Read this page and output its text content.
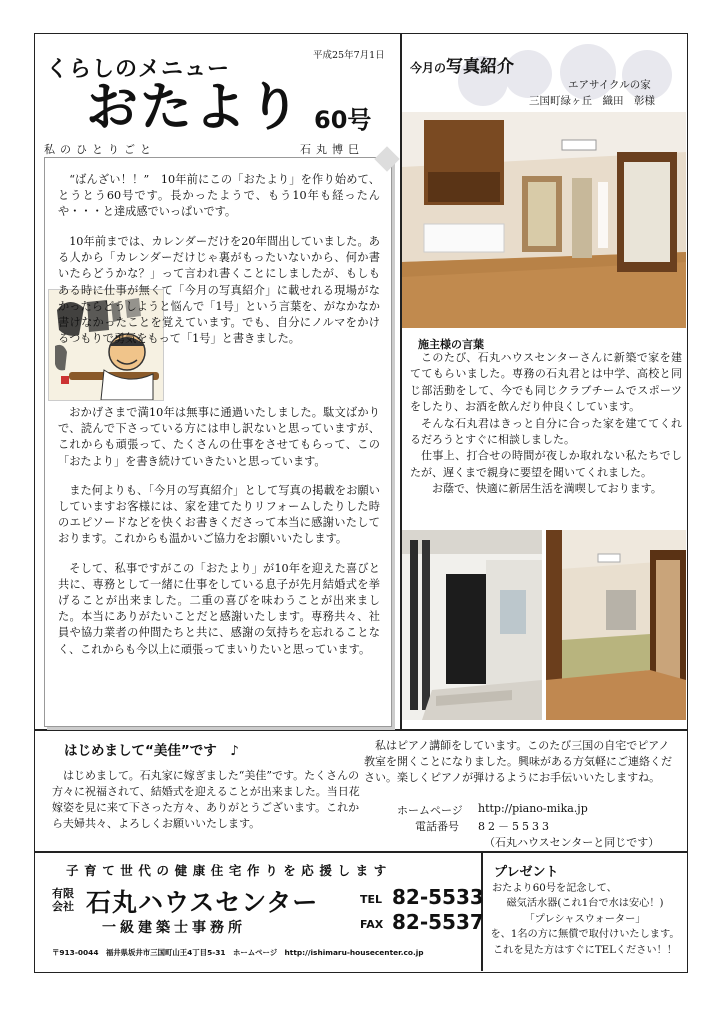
くらしのメニュー
平成25年7月1日
おたより 60号
私のひとりごと	石丸博巳

“ばんざい！！”　10年前にこの「おたより」を作り始めて、とうとう60号です。長かったようで、もう10年も経ったんや・・・と達成感でいっぱいです。

10年前までは、カレンダーだけを20年間出していました。ある人から「カレンダーだけじゃ裏がもったいないから、何か書いたらどうかな？」って言われ書くことにしましたが、もしもある時に仕事が無くて「今月の写真紹介」に載せれる現場がなかったらどうしようと悩んで「1号」という言葉を、がなかなか書けなかったことを覚えています。でも、自分にノルマをかけるつもりで勇気をもって「1号」と書きました。

おかげさまで満10年は無事に通過いたしました。駄文ばかりで、読んで下さっている方には申し訳ないと思っていますが、これからも頑張って、たくさんの仕事をさせてもらって、この「おたより」を書き続けていきたいと思っています。

また何よりも、「今月の写真紹介」として写真の掲載をお願いしていますお客様には、家を建てたりリフォームしたりした時のエピソードなどを快くお書きくださって本当に感謝いたしております。これからも温かいご協力をお願いいたします。

そして、私事ですがこの「おたより」が10年を迎えた喜びと共に、専務として一緒に仕事をしている息子が先月結婚式を挙げることが出来ました。二重の喜びを味わうことが出来ました。本当にありがたいことだと感謝いたします。専務共々、社員や協力業者の仲間たちと共に、感謝の気持ちを忘れることなく、これからも今以上に頑張ってまいりたいと思っています。

今月の写真紹介
エアサイクルの家
三国町緑ヶ丘　織田　彰様
施主様の言葉
このたび、石丸ハウスセンターさんに新築で家を建ててもらいました。専務の石丸君とは中学、高校と同じ部活動をして、今でも同じクラブチームでスポーツをしたり、お酒を飲んだり仲良くしています。
そんな石丸君はきっと自分に合った家を建ててくれるだろうとすぐに相談しました。
仕事上、打合せの時間が夜しか取れない私たちでしたが、遅くまで親身に要望を聞いてくれました。
お蔭で、快適に新居生活を満喫しております。
はじめまして“美佳”です　♪
はじめまして。石丸家に嫁ぎました“美佳”です。たくさんの方々に祝福されて、結婚式を迎えることが出来ました。当日花嫁姿を見に来て下さった方々、ありがとうございます。これから夫婦共々、よろしくお願いいたします。
私はピアノ講師をしています。このたび三国の自宅でピアノ教室を開くことになりました。興味がある方気軽にご連絡ください。楽しくピアノが弾けるようにお手伝いいたしますね。
ホームページ http://piano-mika.jp
電話番号 82－5533
（石丸ハウスセンターと同じです）
子育て世代の健康住宅作りを応援します
有限
会社 石丸ハウスセンター
一級建築士事務所
TEL 82-5533
FAX 82-5537
〒913-0044　福井県坂井市三国町山王4丁目5-31　ホームページ　http://ishimaru-housecenter.co.jp
プレゼント
おたより60号を記念して、
磁気活水器(これ1台で水は安心！)
「プレシャスウォーター」
を、1名の方に無償で取付けいたします。
これを見た方はすぐにTELください！！
